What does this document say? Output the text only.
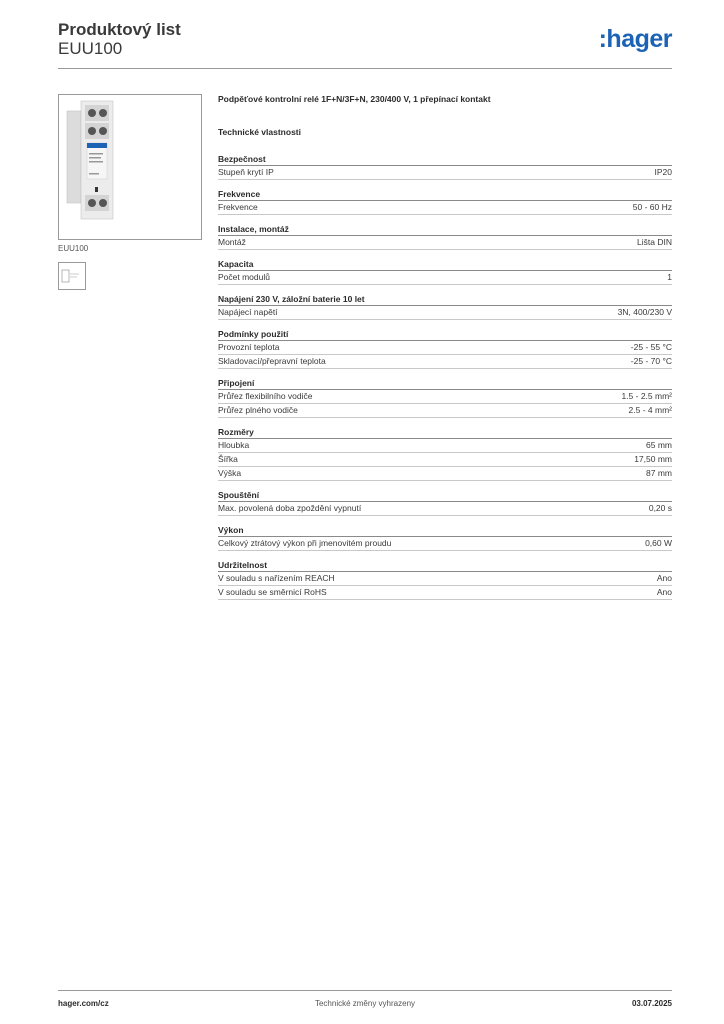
Produktový list
EUU100	:hager
EUU100
Podpěťové kontrolní relé 1F+N/3F+N, 230/400 V, 1 přepínací kontakt
Technické vlastnosti
Bezpečnost
Stupeň krytí IP	IP20
Frekvence
Frekvence	50 - 60 Hz
Instalace, montáž
Montáž	Lišta DIN
Kapacita
Počet modulů	1
Napájení 230 V, záložní baterie 10 let
Napájecí napětí	3N, 400/230 V
Podmínky použití
Provozní teplota	-25 - 55 °C
Skladovací/přepravní teplota	-25 - 70 °C
Připojení
Průřez flexibilního vodiče	1.5 - 2.5 mm²
Průřez plného vodiče	2.5 - 4 mm²
Rozměry
Hloubka	65 mm
Šířka	17,50 mm
Výška	87 mm
Spouštění
Max. povolená doba zpoždění vypnutí	0,20 s
Výkon
Celkový ztrátový výkon při jmenovitém proudu	0,60 W
Udržitelnost
V souladu s nařízením REACH	Ano
V souladu se směrnicí RoHS	Ano
hager.com/cz	Technické změny vyhrazeny	03.07.2025
